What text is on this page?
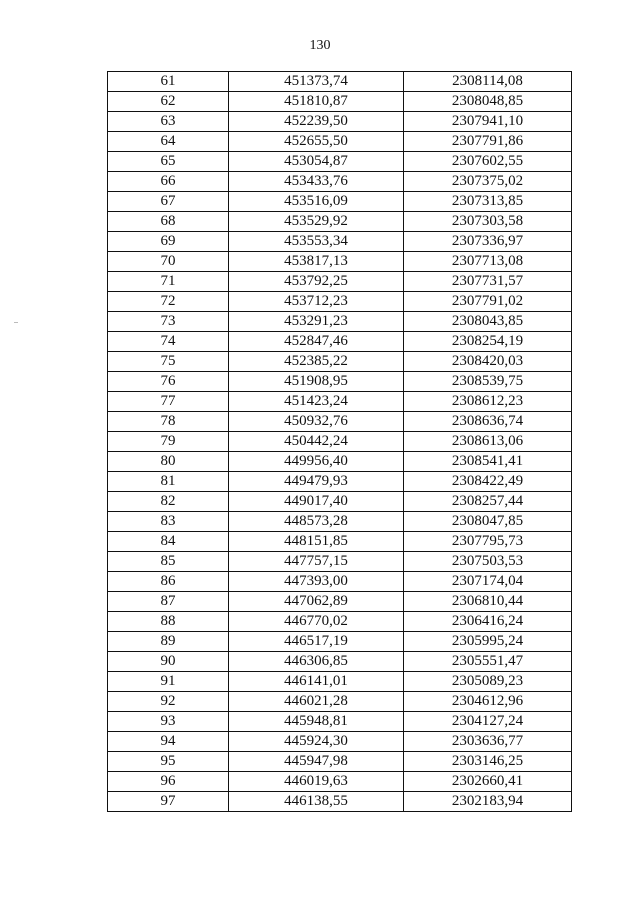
130
61	451373,74	2308114,08
62	451810,87	2308048,85
63	452239,50	2307941,10
64	452655,50	2307791,86
65	453054,87	2307602,55
66	453433,76	2307375,02
67	453516,09	2307313,85
68	453529,92	2307303,58
69	453553,34	2307336,97
70	453817,13	2307713,08
71	453792,25	2307731,57
72	453712,23	2307791,02
73	453291,23	2308043,85
74	452847,46	2308254,19
75	452385,22	2308420,03
76	451908,95	2308539,75
77	451423,24	2308612,23
78	450932,76	2308636,74
79	450442,24	2308613,06
80	449956,40	2308541,41
81	449479,93	2308422,49
82	449017,40	2308257,44
83	448573,28	2308047,85
84	448151,85	2307795,73
85	447757,15	2307503,53
86	447393,00	2307174,04
87	447062,89	2306810,44
88	446770,02	2306416,24
89	446517,19	2305995,24
90	446306,85	2305551,47
91	446141,01	2305089,23
92	446021,28	2304612,96
93	445948,81	2304127,24
94	445924,30	2303636,77
95	445947,98	2303146,25
96	446019,63	2302660,41
97	446138,55	2302183,94
